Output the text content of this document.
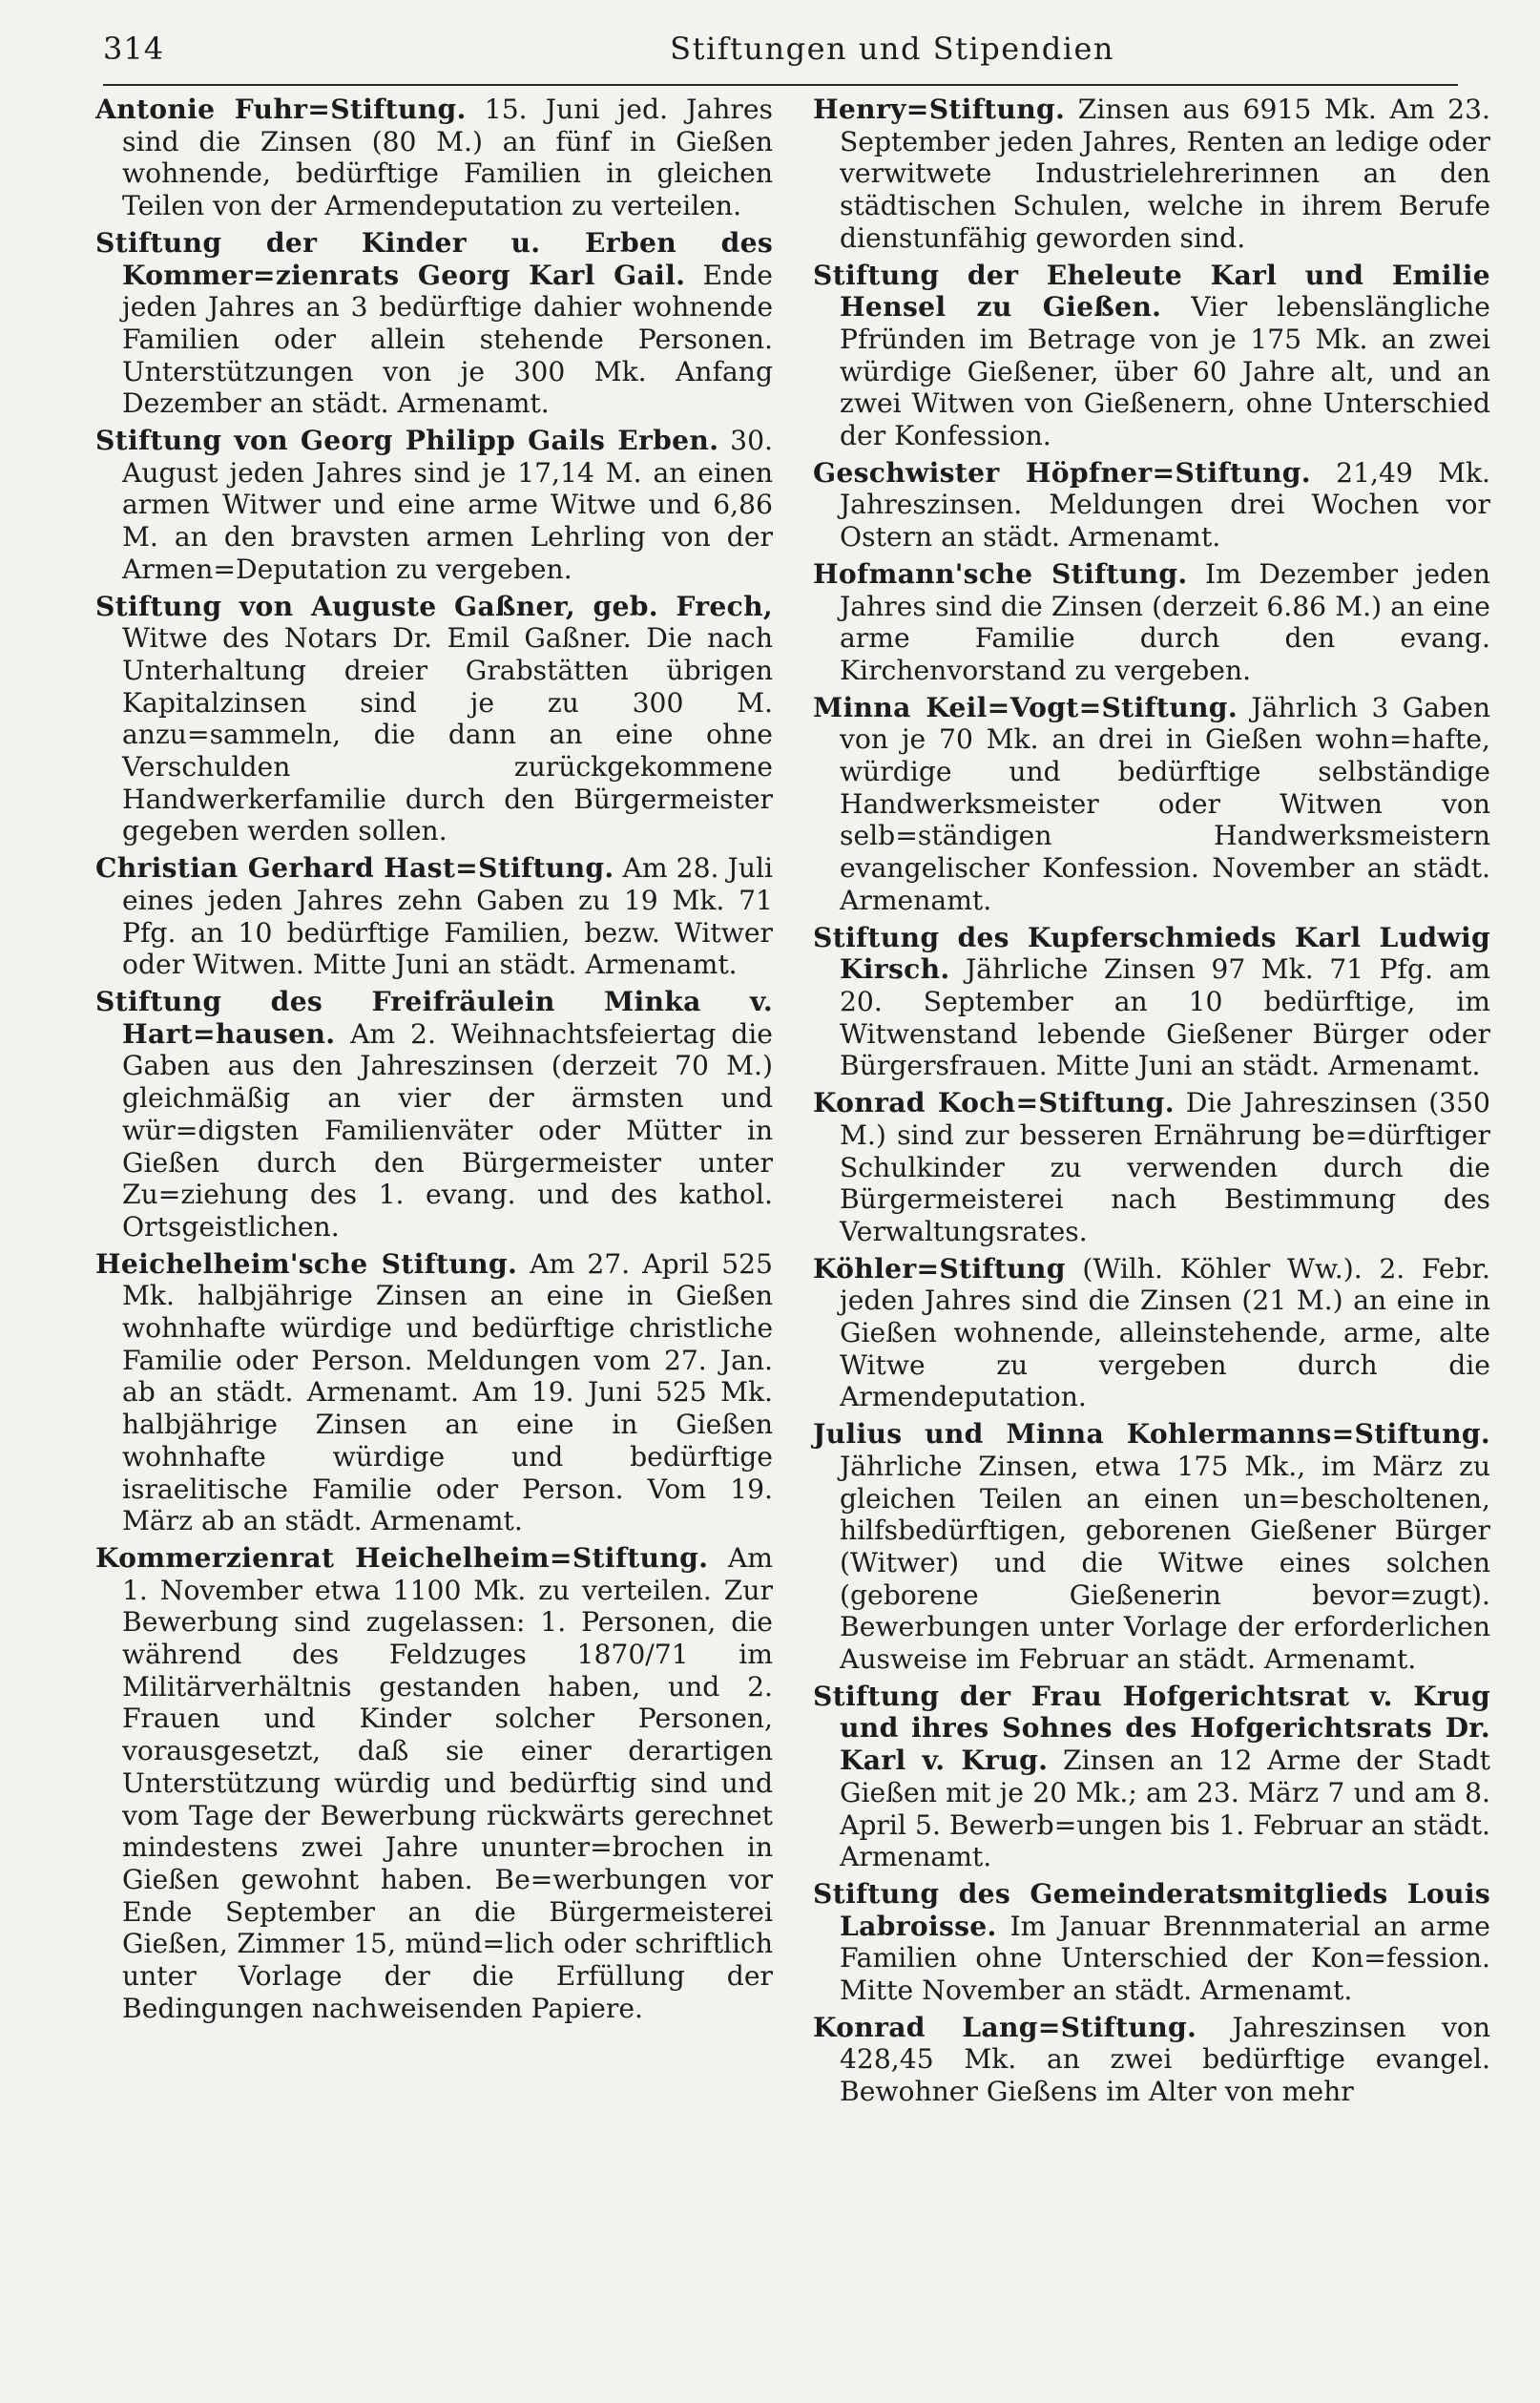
314	Stiftungen und Stipendien

Antonie Fuhr=Stiftung. 15. Juni jed. Jahres sind die Zinsen (80 M.) an fünf in Gießen wohnende, bedürftige Familien in gleichen Teilen von der Armendeputation zu verteilen.

Stiftung der Kinder u. Erben des Kommer=zienrats Georg Karl Gail. Ende jeden Jahres an 3 bedürftige dahier wohnende Familien oder allein stehende Personen. Unterstützungen von je 300 Mk. Anfang Dezember an städt. Armenamt.

Stiftung von Georg Philipp Gails Erben. 30. August jeden Jahres sind je 17,14 M. an einen armen Witwer und eine arme Witwe und 6,86 M. an den bravsten armen Lehrling von der Armen=Deputation zu vergeben.

Stiftung von Auguste Gaßner, geb. Frech, Witwe des Notars Dr. Emil Gaßner. Die nach Unterhaltung dreier Grabstätten übrigen Kapitalzinsen sind je zu 300 M. anzu=sammeln, die dann an eine ohne Verschulden zurückgekommene Handwerkerfamilie durch den Bürgermeister gegeben werden sollen.

Christian Gerhard Hast=Stiftung. Am 28. Juli eines jeden Jahres zehn Gaben zu 19 Mk. 71 Pfg. an 10 bedürftige Familien, bezw. Witwer oder Witwen. Mitte Juni an städt. Armenamt.

Stiftung des Freifräulein Minka v. Hart=hausen. Am 2. Weihnachtsfeiertag die Gaben aus den Jahreszinsen (derzeit 70 M.) gleichmäßig an vier der ärmsten und wür=digsten Familienväter oder Mütter in Gießen durch den Bürgermeister unter Zu=ziehung des 1. evang. und des kathol. Ortsgeistlichen.

Heichelheim'sche Stiftung. Am 27. April 525 Mk. halbjährige Zinsen an eine in Gießen wohnhafte würdige und bedürftige christliche Familie oder Person. Meldungen vom 27. Jan. ab an städt. Armenamt. Am 19. Juni 525 Mk. halbjährige Zinsen an eine in Gießen wohnhafte würdige und bedürftige israelitische Familie oder Person. Vom 19. März ab an städt. Armenamt.

Kommerzienrat Heichelheim=Stiftung. Am 1. November etwa 1100 Mk. zu verteilen. Zur Bewerbung sind zugelassen: 1. Personen, die während des Feldzuges 1870/71 im Militärverhältnis gestanden haben, und 2. Frauen und Kinder solcher Personen, vorausgesetzt, daß sie einer derartigen Unterstützung würdig und bedürftig sind und vom Tage der Bewerbung rückwärts gerechnet mindestens zwei Jahre ununter=brochen in Gießen gewohnt haben. Be=werbungen vor Ende September an die Bürgermeisterei Gießen, Zimmer 15, münd=lich oder schriftlich unter Vorlage der die Erfüllung der Bedingungen nachweisenden Papiere.

Henry=Stiftung. Zinsen aus 6915 Mk. Am 23. September jeden Jahres, Renten an ledige oder verwitwete Industrielehrerinnen an den städtischen Schulen, welche in ihrem Berufe dienstunfähig geworden sind.

Stiftung der Eheleute Karl und Emilie Hensel zu Gießen. Vier lebenslängliche Pfründen im Betrage von je 175 Mk. an zwei würdige Gießener, über 60 Jahre alt, und an zwei Witwen von Gießenern, ohne Unterschied der Konfession.

Geschwister Höpfner=Stiftung. 21,49 Mk. Jahreszinsen. Meldungen drei Wochen vor Ostern an städt. Armenamt.

Hofmann'sche Stiftung. Im Dezember jeden Jahres sind die Zinsen (derzeit 6.86 M.) an eine arme Familie durch den evang. Kirchenvorstand zu vergeben.

Minna Keil=Vogt=Stiftung. Jährlich 3 Gaben von je 70 Mk. an drei in Gießen wohn=hafte, würdige und bedürftige selbständige Handwerksmeister oder Witwen von selb=ständigen Handwerksmeistern evangelischer Konfession. November an städt. Armenamt.

Stiftung des Kupferschmieds Karl Ludwig Kirsch. Jährliche Zinsen 97 Mk. 71 Pfg. am 20. September an 10 bedürftige, im Witwenstand lebende Gießener Bürger oder Bürgersfrauen. Mitte Juni an städt. Armenamt.

Konrad Koch=Stiftung. Die Jahreszinsen (350 M.) sind zur besseren Ernährung be=dürftiger Schulkinder zu verwenden durch die Bürgermeisterei nach Bestimmung des Verwaltungsrates.

Köhler=Stiftung (Wilh. Köhler Ww.). 2. Febr. jeden Jahres sind die Zinsen (21 M.) an eine in Gießen wohnende, alleinstehende, arme, alte Witwe zu vergeben durch die Armendeputation.

Julius und Minna Kohlermanns=Stiftung. Jährliche Zinsen, etwa 175 Mk., im März zu gleichen Teilen an einen un=bescholtenen, hilfsbedürftigen, geborenen Gießener Bürger (Witwer) und die Witwe eines solchen (geborene Gießenerin bevor=zugt). Bewerbungen unter Vorlage der erforderlichen Ausweise im Februar an städt. Armenamt.

Stiftung der Frau Hofgerichtsrat v. Krug und ihres Sohnes des Hofgerichtsrats Dr. Karl v. Krug. Zinsen an 12 Arme der Stadt Gießen mit je 20 Mk.; am 23. März 7 und am 8. April 5. Bewerb=ungen bis 1. Februar an städt. Armenamt.

Stiftung des Gemeinderatsmitglieds Louis Labroisse. Im Januar Brennmaterial an arme Familien ohne Unterschied der Kon=fession. Mitte November an städt. Armenamt.

Konrad Lang=Stiftung. Jahreszinsen von 428,45 Mk. an zwei bedürftige evangel. Bewohner Gießens im Alter von mehr
